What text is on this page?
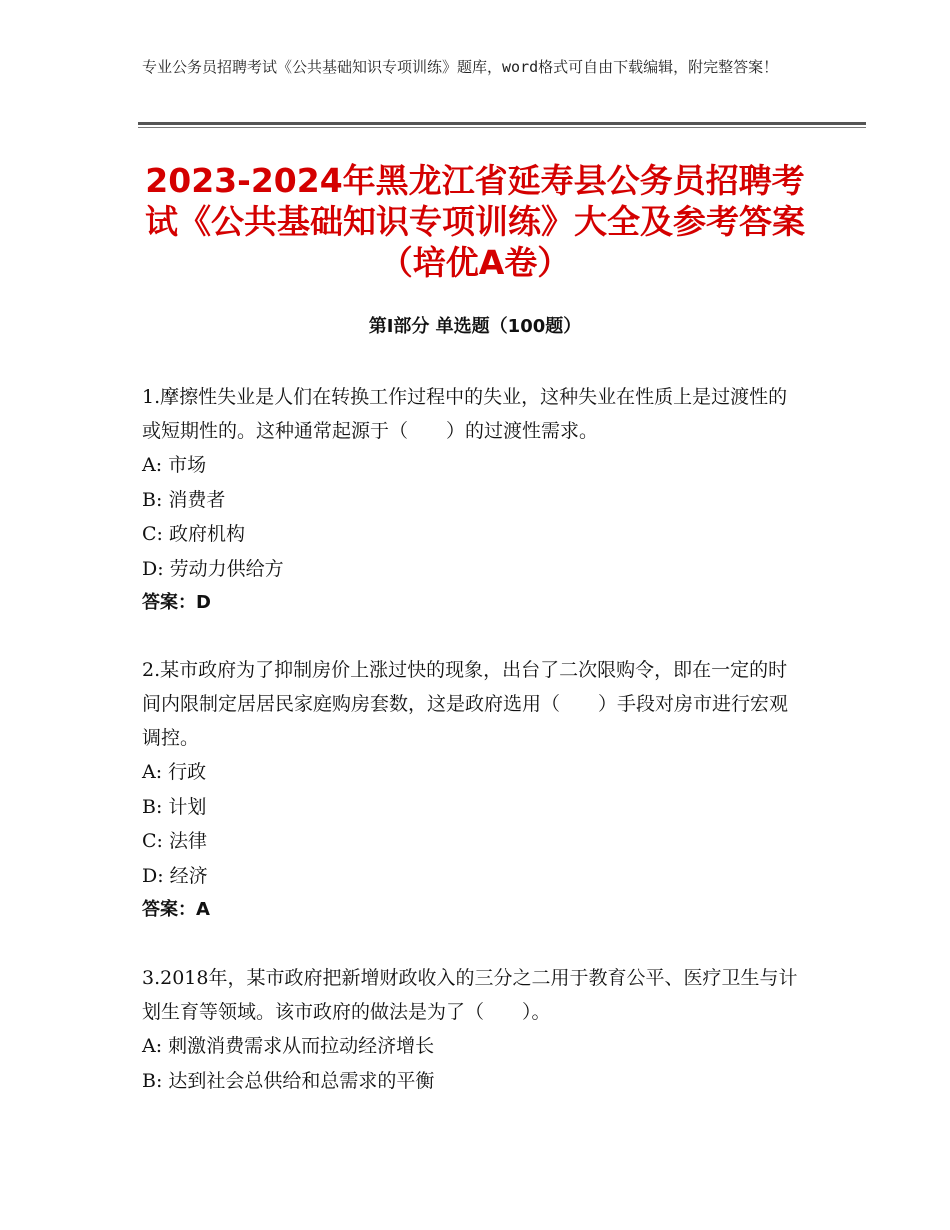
专业公务员招聘考试《公共基础知识专项训练》题库，word格式可自由下载编辑，附完整答案！
2023-2024年黑龙江省延寿县公务员招聘考试《公共基础知识专项训练》大全及参考答案（培优A卷）
第I部分 单选题（100题）

1.摩擦性失业是人们在转换工作过程中的失业，这种失业在性质上是过渡性的或短期性的。这种通常起源于（　　）的过渡性需求。

A: 市场

B: 消费者

C: 政府机构

D: 劳动力供给方

答案：D

2.某市政府为了抑制房价上涨过快的现象，出台了二次限购令，即在一定的时间内限制定居居民家庭购房套数，这是政府选用（　　）手段对房市进行宏观调控。

A: 行政

B: 计划

C: 法律

D: 经济

答案：A

3.2018年，某市政府把新增财政收入的三分之二用于教育公平、医疗卫生与计划生育等领域。该市政府的做法是为了（　　）。

A: 刺激消费需求从而拉动经济增长

B: 达到社会总供给和总需求的平衡
